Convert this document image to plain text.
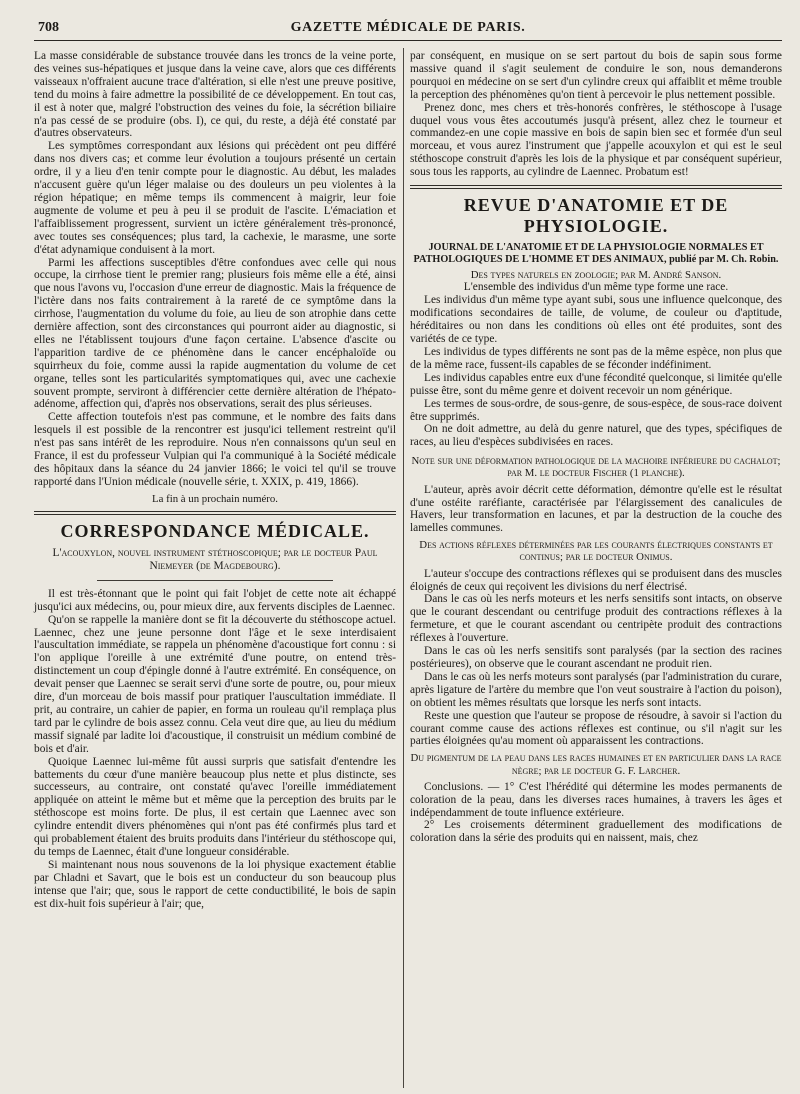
708	GAZETTE MÉDICALE DE PARIS.

La masse considérable de substance trouvée dans les troncs de la veine porte, des veines sus-hépatiques et jusque dans la veine cave, alors que ces différents vaisseaux n'offraient aucune trace d'altération, si elle n'est une preuve positive, tend du moins à faire admettre la possibilité de ce développement. En tout cas, il est à noter que, malgré l'obstruction des veines du foie, la sécrétion biliaire n'a pas cessé de se produire (obs. I), ce qui, du reste, a déjà été constaté par d'autres observateurs.

Les symptômes correspondant aux lésions qui précèdent ont peu différé dans nos divers cas; et comme leur évolution a toujours présenté un certain ordre, il y a lieu d'en tenir compte pour le diagnostic. Au début, les malades n'accusent guère qu'un léger malaise ou des douleurs un peu violentes à la région hépatique; en même temps ils commencent à maigrir, leur foie augmente de volume et peu à peu il se produit de l'ascite. L'émaciation et l'affaiblissement progressent, survient un ictère généralement très-prononcé, avec toutes ses conséquences; plus tard, la cachexie, le marasme, une sorte d'état adynamique conduisent à la mort.

Parmi les affections susceptibles d'être confondues avec celle qui nous occupe, la cirrhose tient le premier rang; plusieurs fois même elle a été, ainsi que nous l'avons vu, l'occasion d'une erreur de diagnostic. Mais la fréquence de l'ictère dans nos faits contrairement à la rareté de ce symptôme dans la cirrhose, l'augmentation du volume du foie, au lieu de son atrophie dans cette dernière affection, sont des circonstances qui pourront aider au diagnostic, si elles ne l'établissent toujours d'une façon certaine. L'absence d'ascite ou l'apparition tardive de ce phénomène dans le cancer encéphaloïde ou squirrheux du foie, comme aussi la rapide augmentation du volume de cet organe, telles sont les particularités symptomatiques qui, avec une cachexie souvent prompte, serviront à différencier cette dernière altération de l'hépato-adénome, affection qui, d'après nos observations, serait des plus sérieuses.

Cette affection toutefois n'est pas commune, et le nombre des faits dans lesquels il est possible de la rencontrer est jusqu'ici tellement restreint qu'il n'est pas sans intérêt de les reproduire. Nous n'en connaissons qu'un seul en France, il est du professeur Vulpian qui l'a communiqué à la Société médicale des hôpitaux dans la séance du 24 janvier 1866; le voici tel qu'il se trouve rapporté dans l'Union médicale (nouvelle série, t. XXIX, p. 419, 1866).

La fin à un prochain numéro.

CORRESPONDANCE MÉDICALE.

L'acouxylon, nouvel instrument stéthoscopique; par le docteur Paul Niemeyer (de Magdebourg).

Il est très-étonnant que le point qui fait l'objet de cette note ait échappé jusqu'ici aux médecins, ou, pour mieux dire, aux fervents disciples de Laennec.

Qu'on se rappelle la manière dont se fit la découverte du stéthoscope actuel. Laennec, chez une jeune personne dont l'âge et le sexe interdisaient l'auscultation immédiate, se rappela un phénomène d'acoustique fort connu : si l'on applique l'oreille à une extrémité d'une poutre, on entend très-distinctement un coup d'épingle donné à l'autre extrémité. En conséquence, on devait penser que Laennec se serait servi d'une sorte de poutre, ou, pour mieux dire, d'un morceau de bois massif pour pratiquer l'auscultation immédiate. Il prit, au contraire, un cahier de papier, en forma un rouleau qu'il remplaça plus tard par le cylindre de bois assez connu. Cela veut dire que, au lieu du médium massif signalé par ladite loi d'acoustique, il construisit un médium combiné de bois et d'air.

Quoique Laennec lui-même fût aussi surpris que satisfait d'entendre les battements du cœur d'une manière beaucoup plus nette et plus distincte, ses successeurs, au contraire, ont constaté qu'avec l'oreille immédiatement appliquée on atteint le même but et même que la perception des bruits par le stéthoscope est moins forte. De plus, il est certain que Laennec avec son cylindre entendit divers phénomènes qui n'ont pas été confirmés plus tard et qui probablement étaient des bruits produits dans l'intérieur du stéthoscope qui, du temps de Laennec, était d'une longueur considérable.

Si maintenant nous nous souvenons de la loi physique exactement établie par Chladni et Savart, que le bois est un conducteur du son beaucoup plus intense que l'air; que, sous le rapport de cette conductibilité, le bois de sapin est dix-huit fois supérieur à l'air; que,

par conséquent, en musique on se sert partout du bois de sapin sous forme massive quand il s'agit seulement de conduire le son, nous demanderons pourquoi en médecine on se sert d'un cylindre creux qui affaiblit et même trouble la perception des phénomènes qu'on tient à percevoir le plus nettement possible.

Prenez donc, mes chers et très-honorés confrères, le stéthoscope à l'usage duquel vous vous êtes accoutumés jusqu'à présent, allez chez le tourneur et commandez-en une copie massive en bois de sapin bien sec et formée d'un seul morceau, et vous aurez l'instrument que j'appelle acouxylon et qui est le seul stéthoscope construit d'après les lois de la physique et par conséquent supérieur, sous tous les rapports, au cylindre de Laennec. Probatum est!

REVUE D'ANATOMIE ET DE PHYSIOLOGIE.

JOURNAL DE L'ANATOMIE ET DE LA PHYSIOLOGIE NORMALES ET PATHOLOGIQUES DE L'HOMME ET DES ANIMAUX, publié par M. Ch. Robin.

Des types naturels en zoologie; par M. André Sanson.

L'ensemble des individus d'un même type forme une race.

Les individus d'un même type ayant subi, sous une influence quelconque, des modifications secondaires de taille, de volume, de couleur ou d'aptitude, héréditaires ou non dans les conditions où elles ont été produites, sont des variétés de ce type.

Les individus de types différents ne sont pas de la même espèce, non plus que de la même race, fussent-ils capables de se féconder indéfiniment.

Les individus capables entre eux d'une fécondité quelconque, si limitée qu'elle puisse être, sont du même genre et doivent recevoir un nom générique.

Les termes de sous-ordre, de sous-genre, de sous-espèce, de sous-race doivent être supprimés.

On ne doit admettre, au delà du genre naturel, que des types, spécifiques de races, au lieu d'espèces subdivisées en races.

Note sur une déformation pathologique de la machoire inférieure du cachalot; par M. le docteur Fischer (1 planche).

L'auteur, après avoir décrit cette déformation, démontre qu'elle est le résultat d'une ostéite raréfiante, caractérisée par l'élargissement des canalicules de Havers, leur transformation en lacunes, et par la destruction de la couche des lamelles communes.

Des actions réflexes déterminées par les courants électriques constants et continus; par le docteur Onimus.

L'auteur s'occupe des contractions réflexes qui se produisent dans des muscles éloignés de ceux qui reçoivent les divisions du nerf électrisé.

Dans le cas où les nerfs moteurs et les nerfs sensitifs sont intacts, on observe que le courant descendant ou centrifuge produit des contractions réflexes à la fermeture, et que le courant ascendant ou centripète produit des contractions réflexes à l'ouverture.

Dans le cas où les nerfs sensitifs sont paralysés (par la section des racines postérieures), on observe que le courant ascendant ne produit rien.

Dans le cas où les nerfs moteurs sont paralysés (par l'administration du curare, après ligature de l'artère du membre que l'on veut soustraire à l'action du poison), on obtient les mêmes résultats que lorsque les nerfs sont intacts.

Reste une question que l'auteur se propose de résoudre, à savoir si l'action du courant comme cause des actions réflexes est continue, ou s'il n'agit sur les parties éloignées qu'au moment où apparaissent les contractions.

Du pigmentum de la peau dans les races humaines et en particulier dans la race nègre; par le docteur G. F. Larcher.

Conclusions. — 1° C'est l'hérédité qui détermine les modes permanents de coloration de la peau, dans les diverses races humaines, à travers les âges et indépendamment de toute influence extérieure.

2° Les croisements déterminent graduellement des modifications de coloration dans la série des produits qui en naissent, mais, chez
